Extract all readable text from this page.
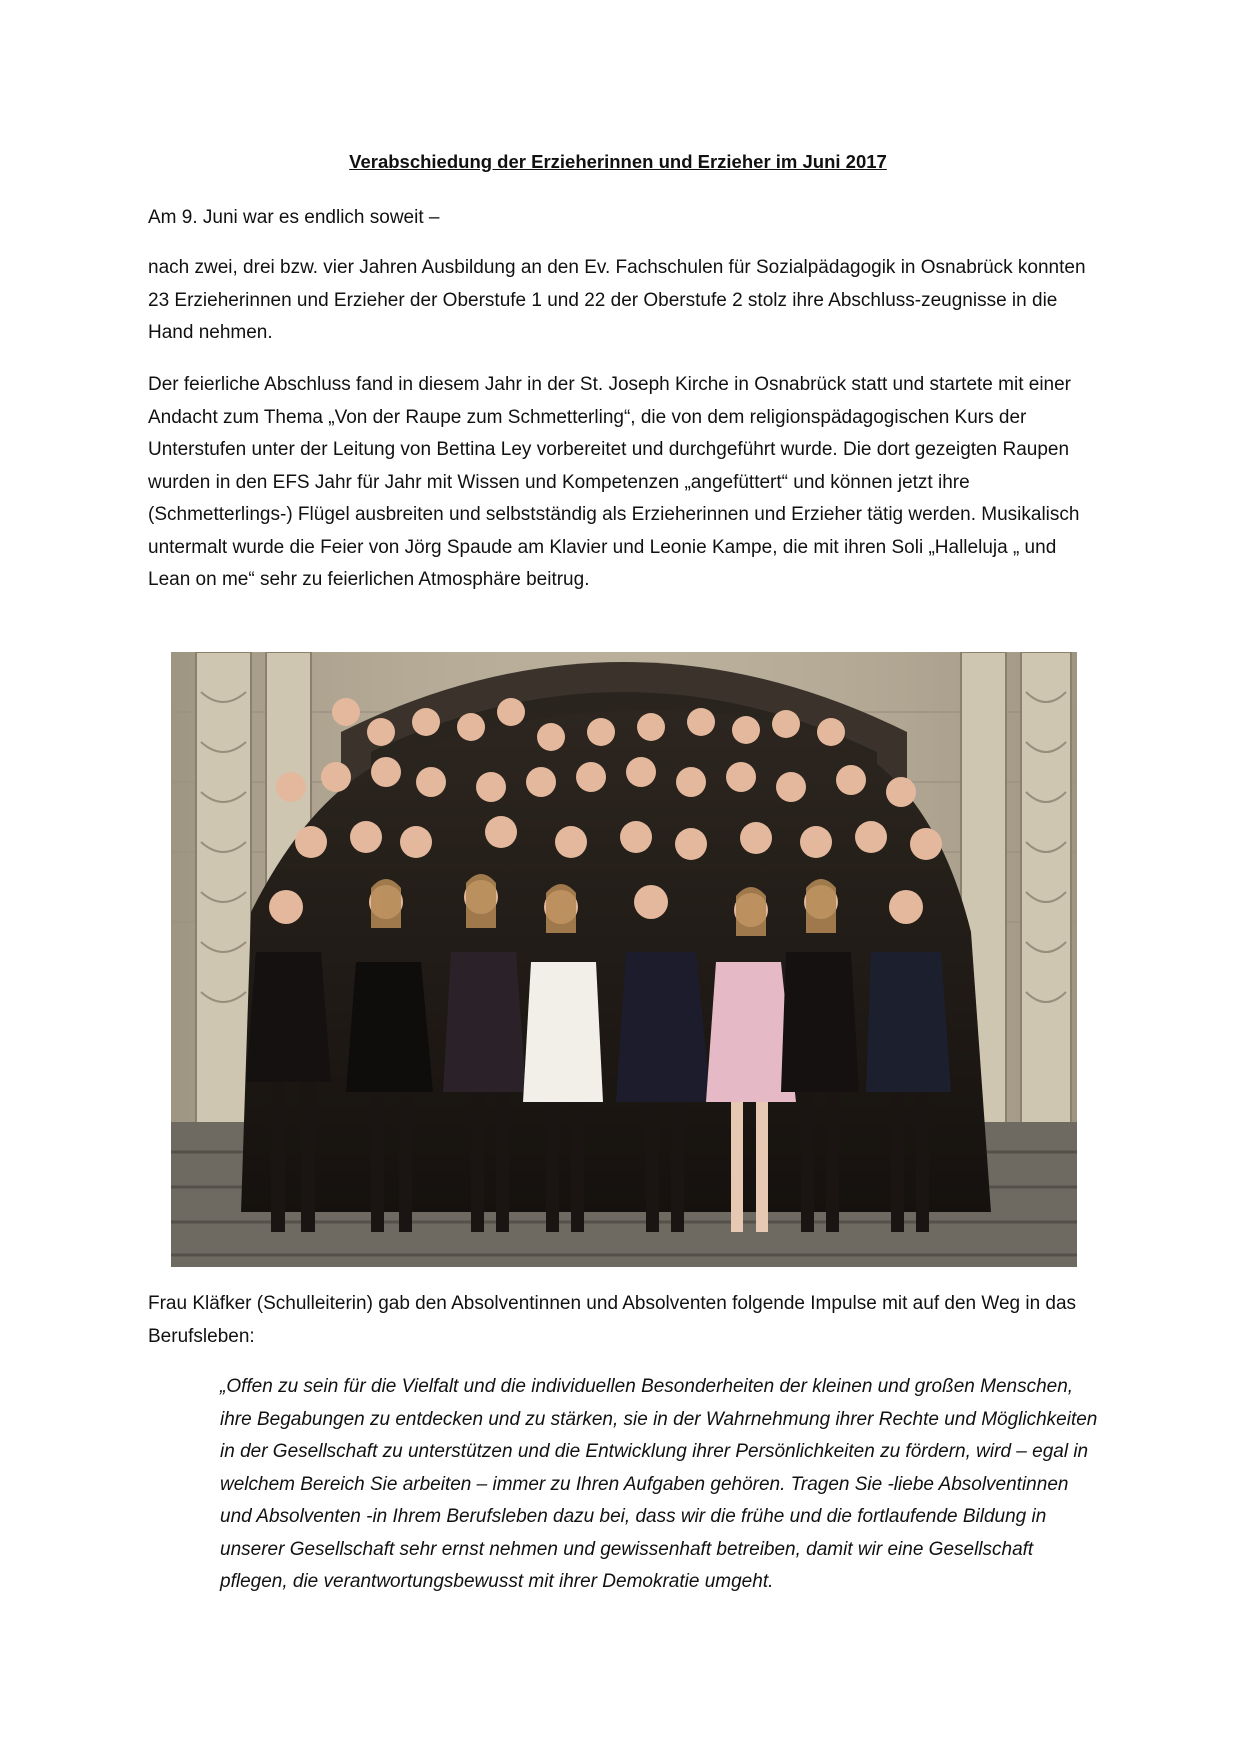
Verabschiedung der Erzieherinnen und Erzieher im Juni 2017

Am 9. Juni war es endlich soweit –

nach zwei, drei bzw. vier Jahren Ausbildung an den Ev. Fachschulen für Sozialpädagogik in Osnabrück konnten 23 Erzieherinnen und Erzieher der Oberstufe 1 und 22 der Oberstufe 2 stolz ihre Abschluss-zeugnisse in die Hand nehmen.

Der feierliche Abschluss fand in diesem Jahr in der St. Joseph Kirche in Osnabrück statt und startete mit einer Andacht zum Thema „Von der Raupe zum Schmetterling“, die von dem religionspädagogischen Kurs der Unterstufen unter der Leitung von Bettina Ley vorbereitet und durchgeführt wurde. Die dort gezeigten Raupen wurden in den EFS Jahr für Jahr mit Wissen und Kompetenzen „angefüttert“ und können jetzt ihre (Schmetterlings-) Flügel ausbreiten und selbstständig als Erzieherinnen und Erzieher tätig werden. Musikalisch untermalt wurde die Feier von Jörg Spaude am Klavier und Leonie Kampe, die mit ihren Soli „Halleluja „ und Lean on me“ sehr zu feierlichen Atmosphäre beitrug.

Frau Kläfker (Schulleiterin) gab den Absolventinnen und Absolventen folgende Impulse mit auf den Weg in das Berufsleben:

„Offen zu sein für die Vielfalt und die individuellen Besonderheiten der kleinen und großen Menschen, ihre Begabungen zu entdecken und zu stärken, sie in der Wahrnehmung ihrer Rechte und Möglichkeiten in der Gesellschaft zu unterstützen und die Entwicklung ihrer Persönlichkeiten zu fördern, wird – egal in welchem Bereich Sie arbeiten – immer zu Ihren Aufgaben gehören. Tragen Sie -liebe Absolventinnen und Absolventen -in Ihrem Berufsleben dazu bei, dass wir die frühe und die fortlaufende Bildung in unserer Gesellschaft sehr ernst nehmen und gewissenhaft betreiben, damit wir eine Gesellschaft pflegen, die verantwortungsbewusst mit ihrer Demokratie umgeht.
